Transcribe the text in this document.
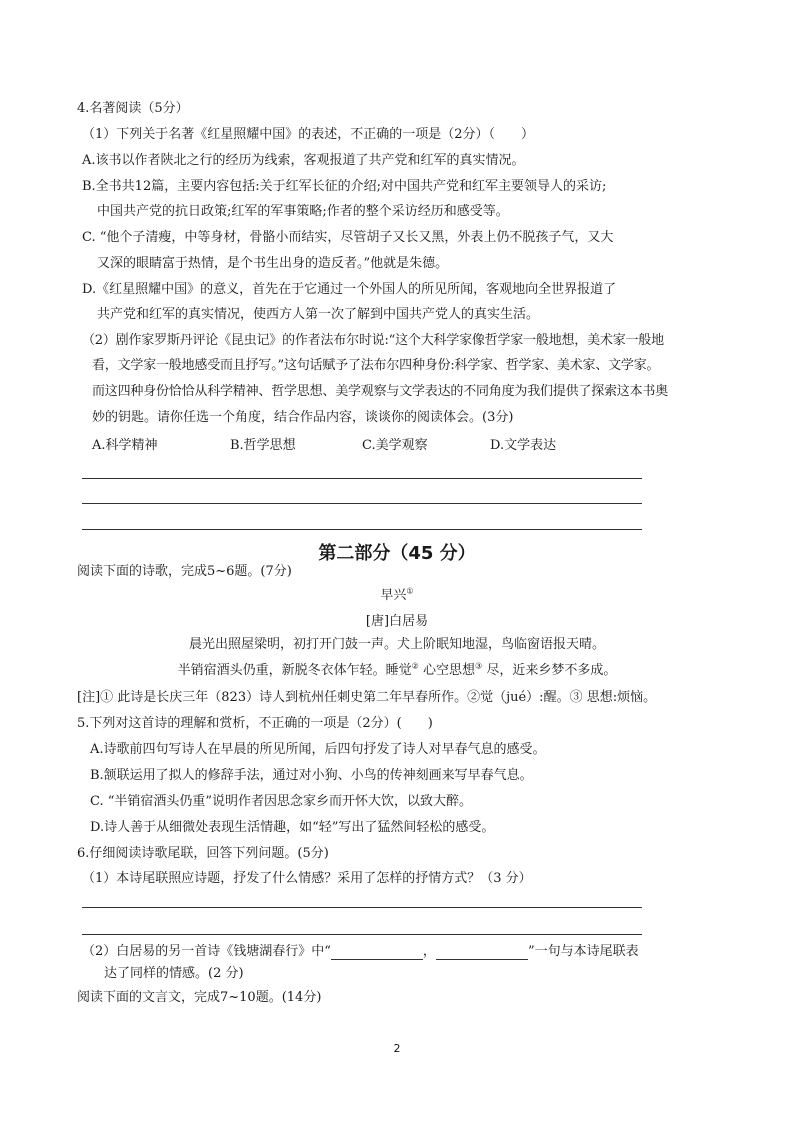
4.名著阅读（5分）
（1）下列关于名著《红星照耀中国》的表述，不正确的一项是（2分）（　　）
A.该书以作者陕北之行的经历为线索，客观报道了共产党和红军的真实情况。
B.全书共12篇，主要内容包括:关于红军长征的介绍;对中国共产党和红军主要领导人的采访;
中国共产党的抗日政策;红军的军事策略;作者的整个采访经历和感受等。
C. “他个子清瘦，中等身材，骨骼小而结实，尽管胡子又长又黑，外表上仍不脱孩子气，又大
又深的眼睛富于热情，是个书生出身的造反者。”他就是朱德。
D.《红星照耀中国》的意义，首先在于它通过一个外国人的所见所闻，客观地向全世界报道了
共产党和红军的真实情况，使西方人第一次了解到中国共产党人的真实生活。
（2）剧作家罗斯丹评论《昆虫记》的作者法布尔时说:“这个大科学家像哲学家一般地想，美术家一般地
看，文学家一般地感受而且抒写。”这句话赋予了法布尔四种身份:科学家、哲学家、美术家、文学家。
而这四种身份恰恰从科学精神、哲学思想、美学观察与文学表达的不同角度为我们提供了探索这本书奥
妙的钥匙。请你任选一个角度，结合作品内容，谈谈你的阅读体会。(3分)
A.科学精神	B.哲学思想	C.美学观察	D.文学表达
第二部分（45 分）
阅读下面的诗歌，完成5~6题。(7分)
早兴①
[唐]白居易
晨光出照屋梁明，初打开门鼓一声。犬上阶眠知地湿，鸟临窗语报天晴。
半销宿酒头仍重，新脱冬衣体乍轻。睡觉② 心空思想③ 尽，近来乡梦不多成。
[注]① 此诗是长庆三年（823）诗人到杭州任刺史第二年早春所作。②觉（jué）:醒。③ 思想:烦恼。
5.下列对这首诗的理解和赏析，不正确的一项是（2分）(　　)
A.诗歌前四句写诗人在早晨的所见所闻，后四句抒发了诗人对早春气息的感受。
B.颔联运用了拟人的修辞手法，通过对小狗、小鸟的传神刻画来写早春气息。
C. “半销宿酒头仍重”说明作者因思念家乡而开怀大饮，以致大醉。
D.诗人善于从细微处表现生活情趣，如“轻”写出了猛然间轻松的感受。
6.仔细阅读诗歌尾联，回答下列问题。(5分)
（1）本诗尾联照应诗题，抒发了什么情感？采用了怎样的抒情方式？（3 分）
（2）白居易的另一首诗《钱塘湖春行》中“	，	”一句与本诗尾联表
达了同样的情感。(2 分)
阅读下面的文言文，完成7~10题。(14分)
2
